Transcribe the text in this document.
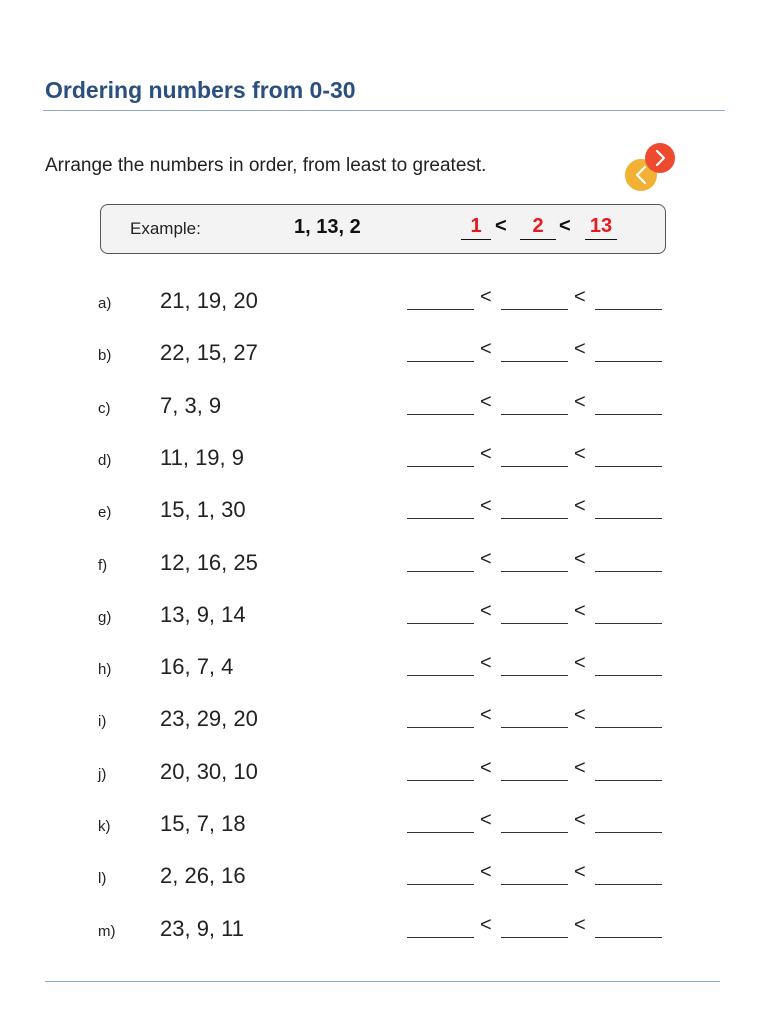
Ordering numbers from 0-30

Arrange the numbers in order, from least to greatest.

Example:	1, 13, 2	1 <	2 < 13
a) 21, 19, 20	<	<
b) 22, 15, 27	<	<
c) 7, 3, 9	<	<
d) 11, 19, 9	<	<
e) 15, 1, 30	<	<
f) 12, 16, 25	<	<
g) 13, 9, 14	<	<
h) 16, 7, 4	<	<
i) 23, 29, 20	<	<
j) 20, 30, 10	<	<
k) 15, 7, 18	<	<
l) 2, 26, 16	<	<
m) 23, 9, 11	<	<
